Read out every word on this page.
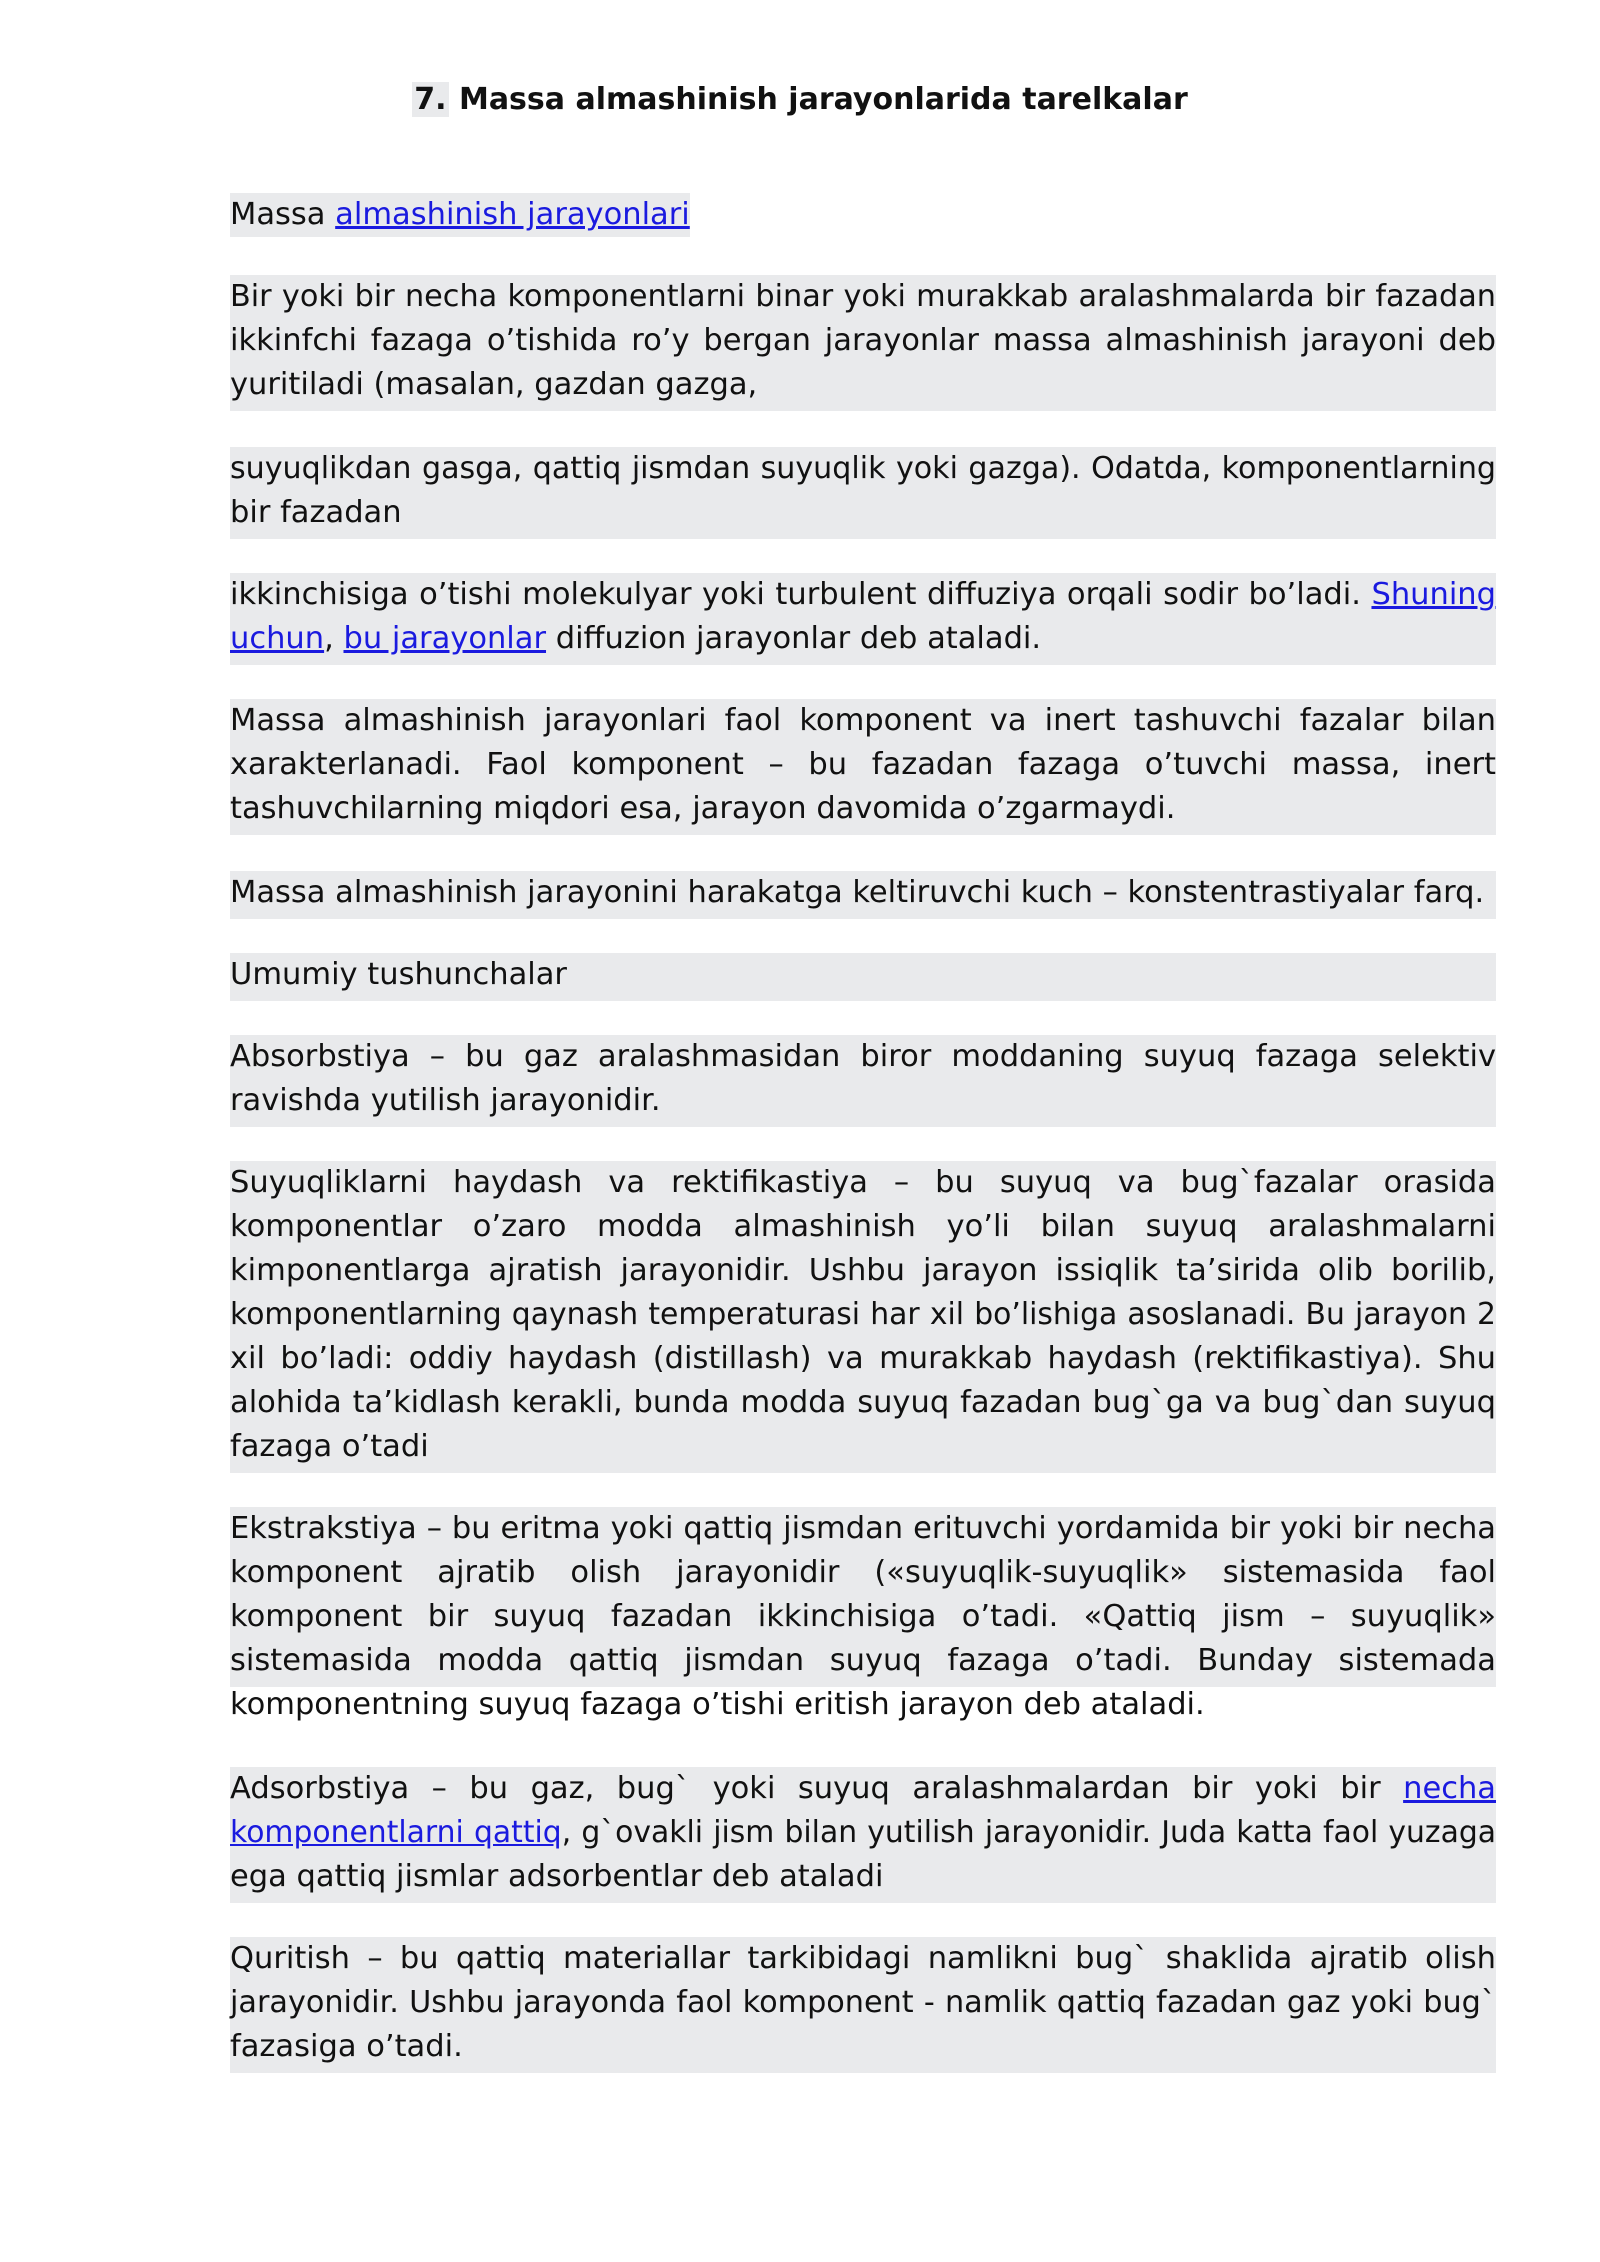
7. Massa almashinish jarayonlarida tarelkalar

Massa almashinish jarayonlari

Bir yoki bir necha komponentlarni binar yoki murakkab aralashmalarda bir fazadan
ikkinfchi fazaga o’tishida ro’y bergan jarayonlar massa almashinish jarayoni deb
yuritiladi (masalan, gazdan gazga,

suyuqlikdan gasga, qattiq jismdan suyuqlik yoki gazga). Odatda, komponentlarning
bir fazadan

ikkinchisiga o’tishi molekulyar yoki turbulent diffuziya orqali sodir bo’ladi. Shuning
uchun, bu jarayonlar diffuzion jarayonlar deb ataladi.

Massa almashinish jarayonlari faol komponent va inert tashuvchi fazalar bilan
xarakterlanadi. Faol komponent – bu fazadan fazaga o’tuvchi massa, inert
tashuvchilarning miqdori esa, jarayon davomida o’zgarmaydi.

Massa almashinish jarayonini harakatga keltiruvchi kuch – konstentrastiyalar farq.

Umumiy tushunchalar

Absorbstiya – bu gaz aralashmasidan biror moddaning suyuq fazaga selektiv
ravishda yutilish jarayonidir.

Suyuqliklarni haydash va rektifikastiya – bu suyuq va bug`fazalar orasida
komponentlar o’zaro modda almashinish yo’li bilan suyuq aralashmalarni
kimponentlarga ajratish jarayonidir. Ushbu jarayon issiqlik ta’sirida olib borilib,
komponentlarning qaynash temperaturasi har xil bo’lishiga asoslanadi. Bu jarayon 2
xil bo’ladi: oddiy haydash (distillash) va murakkab haydash (rektifikastiya). Shu
alohida ta’kidlash kerakli, bunda modda suyuq fazadan bug`ga va bug`dan suyuq
fazaga o’tadi

Ekstrakstiya – bu eritma yoki qattiq jismdan erituvchi yordamida bir yoki bir necha
komponent ajratib olish jarayonidir («suyuqlik-suyuqlik» sistemasida faol
komponent bir suyuq fazadan ikkinchisiga o’tadi. «Qattiq jism – suyuqlik»
sistemasida modda qattiq jismdan suyuq fazaga o’tadi. Bunday sistemada
komponentning suyuq fazaga o’tishi eritish jarayon deb ataladi.

Adsorbstiya – bu gaz, bug` yoki suyuq aralashmalardan bir yoki bir necha
komponentlarni qattiq, g`ovakli jism bilan yutilish jarayonidir. Juda katta faol yuzaga
ega qattiq jismlar adsorbentlar deb ataladi

Quritish – bu qattiq materiallar tarkibidagi namlikni bug` shaklida ajratib olish
jarayonidir. Ushbu jarayonda faol komponent - namlik qattiq fazadan gaz yoki bug`
fazasiga o’tadi.
